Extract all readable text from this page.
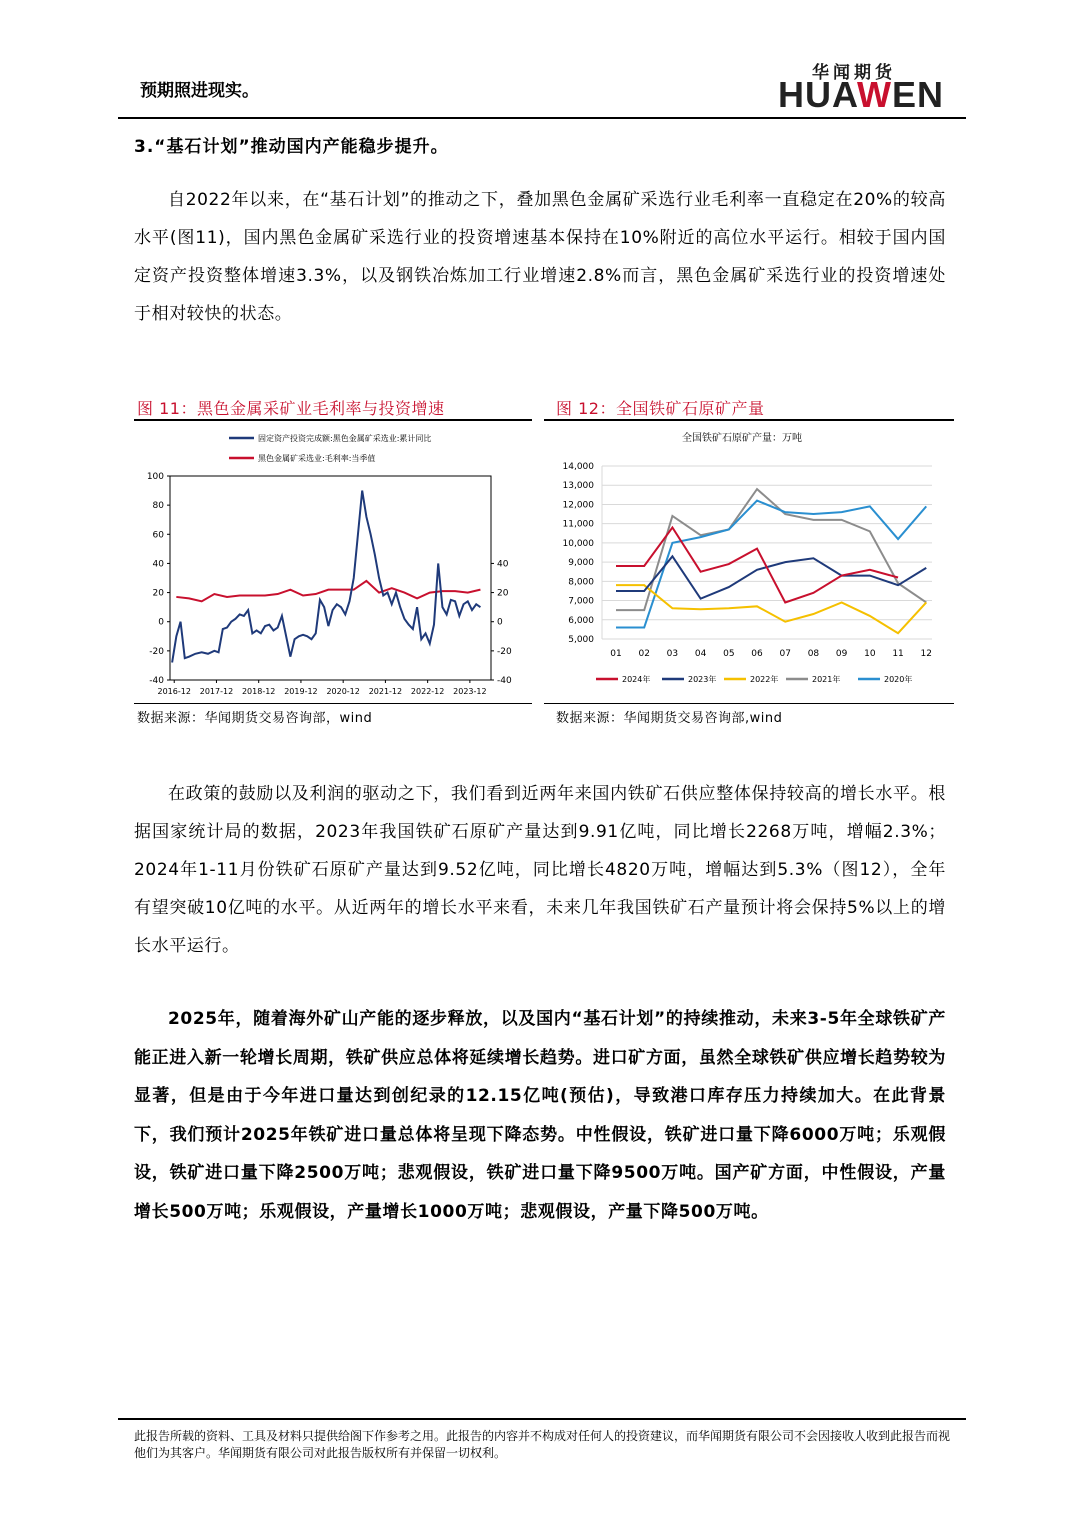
预期照进现实。
华闻期货
HUAWEN
3.“基石计划”推动国内产能稳步提升。

自2022年以来，在“基石计划”的推动之下，叠加黑色金属矿采选行业毛利率一直稳定在20%的较高水平(图11)，国内黑色金属矿采选行业的投资增速基本保持在10%附近的高位水平运行。相较于国内国定资产投资整体增速3.3%，以及钢铁冶炼加工行业增速2.8%而言，黑色金属矿采选行业的投资增速处于相对较快的状态。

图 11：黑色金属采矿业毛利率与投资增速
固定资产投资完成额:黑色金属矿采选业:累计同比
黑色金属矿采选业:毛利率:当季值
100
80
60
40
20
0
-20
-40
40
20
0
-20
-40
2016-12 2017-12 2018-12 2019-12 2020-12 2021-12 2022-12 2023-12
数据来源：华闻期货交易咨询部，wind
图 12：全国铁矿石原矿产量
全国铁矿石原矿产量：万吨
14,000
13,000
12,000
11,000
10,000
9,000
8,000
7,000
6,000
5,000
01 02 03 04 05 06 07 08 09 10 11 12
2024年	2023年	2022年	2021年	2020年
数据来源：华闻期货交易咨询部,wind

在政策的鼓励以及利润的驱动之下，我们看到近两年来国内铁矿石供应整体保持较高的增长水平。根据国家统计局的数据，2023年我国铁矿石原矿产量达到9.91亿吨，同比增长2268万吨，增幅2.3%；2024年1-11月份铁矿石原矿产量达到9.52亿吨，同比增长4820万吨，增幅达到5.3%（图12），全年有望突破10亿吨的水平。从近两年的增长水平来看，未来几年我国铁矿石产量预计将会保持5%以上的增长水平运行。

2025年，随着海外矿山产能的逐步释放，以及国内“基石计划”的持续推动，未来3-5年全球铁矿产能正进入新一轮增长周期，铁矿供应总体将延续增长趋势。进口矿方面，虽然全球铁矿供应增长趋势较为显著，但是由于今年进口量达到创纪录的12.15亿吨(预估)，导致港口库存压力持续加大。在此背景下，我们预计2025年铁矿进口量总体将呈现下降态势。中性假设，铁矿进口量下降6000万吨；乐观假设，铁矿进口量下降2500万吨；悲观假设，铁矿进口量下降9500万吨。国产矿方面，中性假设，产量增长500万吨；乐观假设，产量增长1000万吨；悲观假设，产量下降500万吨。

此报告所载的资料、工具及材料只提供给阁下作参考之用。此报告的内容并不构成对任何人的投资建议，而华闻期货有限公司不会因接收人收到此报告而视他们为其客户。华闻期货有限公司对此报告版权所有并保留一切权利。
